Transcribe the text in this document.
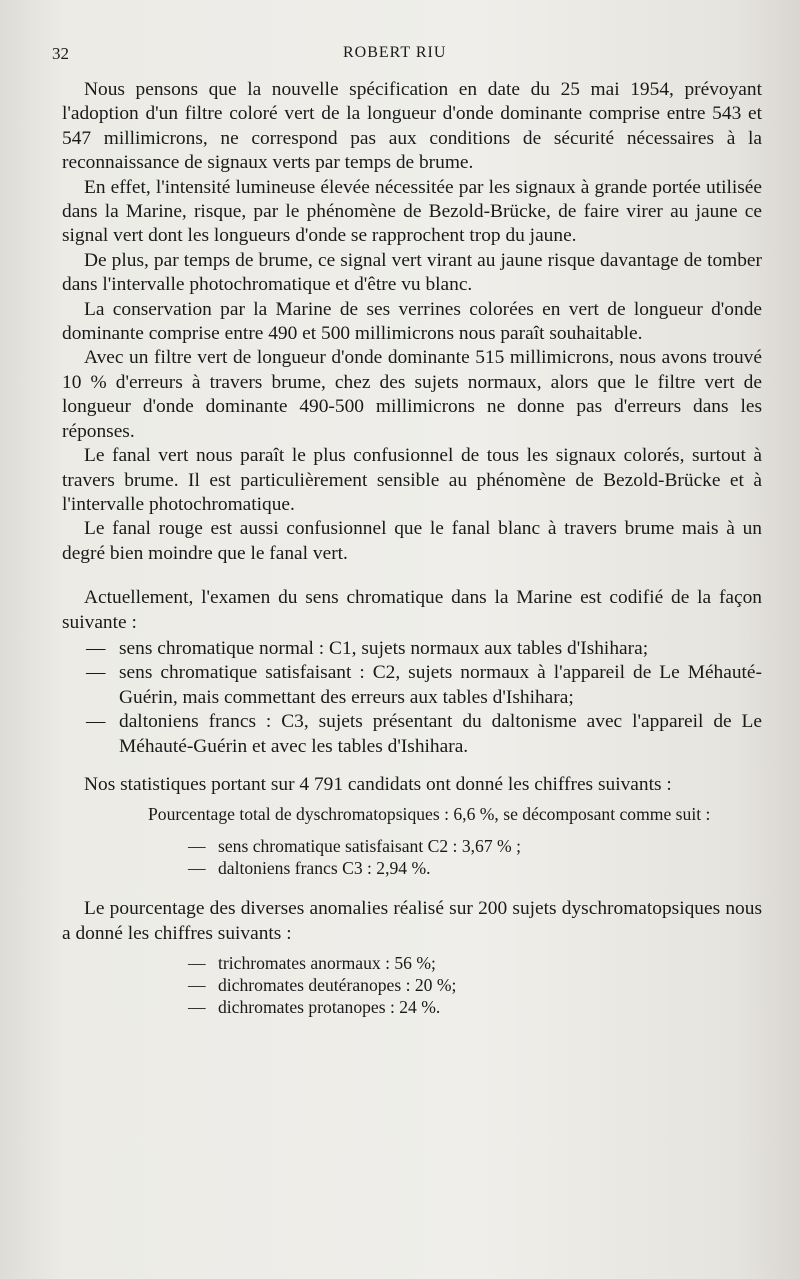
32	ROBERT RIU

Nous pensons que la nouvelle spécification en date du 25 mai 1954, prévoyant l'adoption d'un filtre coloré vert de la longueur d'onde dominante comprise entre 543 et 547 millimicrons, ne correspond pas aux conditions de sécurité nécessaires à la reconnaissance de signaux verts par temps de brume.

En effet, l'intensité lumineuse élevée nécessitée par les signaux à grande portée utilisée dans la Marine, risque, par le phénomène de Bezold-Brücke, de faire virer au jaune ce signal vert dont les longueurs d'onde se rapprochent trop du jaune.

De plus, par temps de brume, ce signal vert virant au jaune risque davantage de tomber dans l'intervalle photochromatique et d'être vu blanc.

La conservation par la Marine de ses verrines colorées en vert de longueur d'onde dominante comprise entre 490 et 500 millimicrons nous paraît souhaitable.

Avec un filtre vert de longueur d'onde dominante 515 millimicrons, nous avons trouvé 10 % d'erreurs à travers brume, chez des sujets normaux, alors que le filtre vert de longueur d'onde dominante 490-500 millimicrons ne donne pas d'erreurs dans les réponses.

Le fanal vert nous paraît le plus confusionnel de tous les signaux colorés, surtout à travers brume. Il est particulièrement sensible au phénomène de Bezold-Brücke et à l'intervalle photochromatique.

Le fanal rouge est aussi confusionnel que le fanal blanc à travers brume mais à un degré bien moindre que le fanal vert.

Actuellement, l'examen du sens chromatique dans la Marine est codifié de la façon suivante :

— sens chromatique normal : C1, sujets normaux aux tables d'Ishihara;
— sens chromatique satisfaisant : C2, sujets normaux à l'appareil de Le Méhauté-Guérin, mais commettant des erreurs aux tables d'Ishihara;
— daltoniens francs : C3, sujets présentant du daltonisme avec l'appareil de Le Méhauté-Guérin et avec les tables d'Ishihara.

Nos statistiques portant sur 4 791 candidats ont donné les chiffres suivants :

Pourcentage total de dyschromatopsiques : 6,6 %, se décomposant comme suit :
— sens chromatique satisfaisant C2 : 3,67 % ;
— daltoniens francs C3 : 2,94 %.

Le pourcentage des diverses anomalies réalisé sur 200 sujets dyschromatopsiques nous a donné les chiffres suivants :

— trichromates anormaux : 56 %;
— dichromates deutéranopes : 20 %;
— dichromates protanopes : 24 %.
